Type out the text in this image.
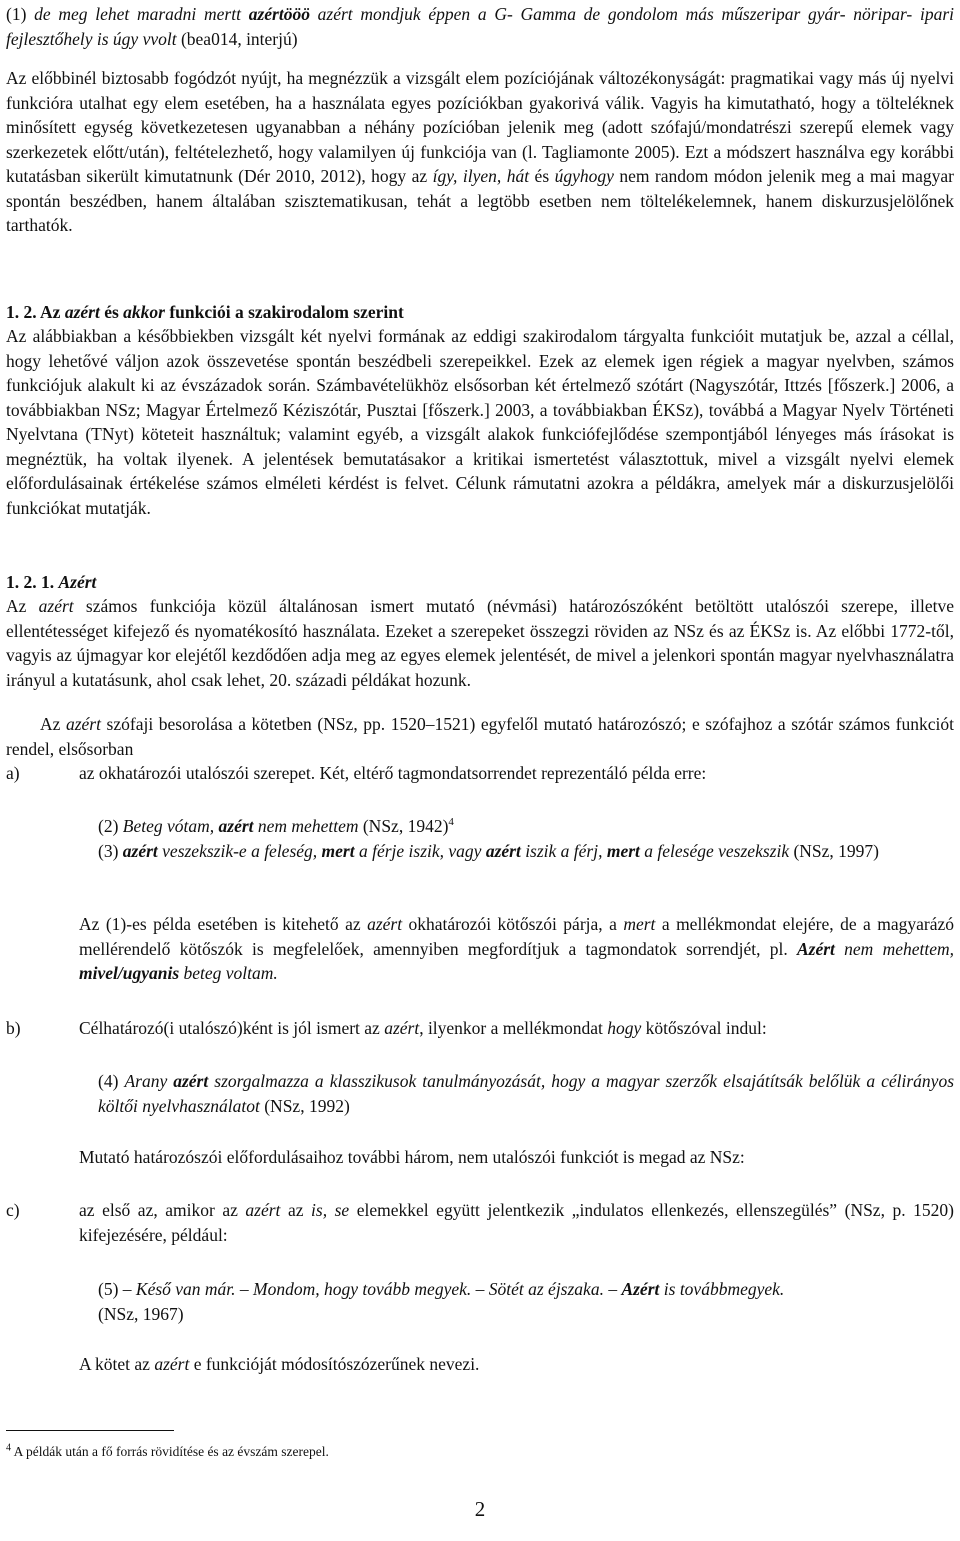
(1) de meg lehet maradni mertt azértööö azért mondjuk éppen a G- Gamma de gondolom más műszeripar gyár- nöripar- ipari fejlesztőhely is úgy vvolt (bea014, interjú)

Az előbbinél biztosabb fogódzót nyújt, ha megnézzük a vizsgált elem pozíciójának változékonyságát: pragmatikai vagy más új nyelvi funkcióra utalhat egy elem esetében, ha a használata egyes pozíciókban gyakorivá válik. Vagyis ha kimutatható, hogy a tölteléknek minősített egység következetesen ugyanabban a néhány pozícióban jelenik meg (adott szófajú/mondatrészi szerepű elemek vagy szerkezetek előtt/után), feltételezhető, hogy valamilyen új funkciója van (l. Tagliamonte 2005). Ezt a módszert használva egy korábbi kutatásban sikerült kimutatnunk (Dér 2010, 2012), hogy az így, ilyen, hát és úgyhogy nem random módon jelenik meg a mai magyar spontán beszédben, hanem általában szisztematikusan, tehát a legtöbb esetben nem töltelékelemnek, hanem diskurzusjelölőnek tarthatók.

1. 2. Az azért és akkor funkciói a szakirodalom szerint

Az alábbiakban a későbbiekben vizsgált két nyelvi formának az eddigi szakirodalom tárgyalta funkcióit mutatjuk be, azzal a céllal, hogy lehetővé váljon azok összevetése spontán beszédbeli szerepeikkel. Ezek az elemek igen régiek a magyar nyelvben, számos funkciójuk alakult ki az évszázadok során. Számbavételükhöz elsősorban két értelmező szótárt (Nagyszótár, Ittzés [főszerk.] 2006, a továbbiakban NSz; Magyar Értelmező Kéziszótár, Pusztai [főszerk.] 2003, a továbbiakban ÉKSz), továbbá a Magyar Nyelv Történeti Nyelvtana (TNyt) köteteit használtuk; valamint egyéb, a vizsgált alakok funkciófejlődése szempontjából lényeges más írásokat is megnéztük, ha voltak ilyenek. A jelentések bemutatásakor a kritikai ismertetést választottuk, mivel a vizsgált nyelvi elemek előfordulásainak értékelése számos elméleti kérdést is felvet. Célunk rámutatni azokra a példákra, amelyek már a diskurzusjelölői funkciókat mutatják.

1. 2. 1. Azért

Az azért számos funkciója közül általánosan ismert mutató (névmási) határozószóként betöltött utalószói szerepe, illetve ellentétességet kifejező és nyomatékosító használata. Ezeket a szerepeket összegzi röviden az NSz és az ÉKSz is. Az előbbi 1772-től, vagyis az újmagyar kor elejétől kezdődően adja meg az egyes elemek jelentését, de mivel a jelenkori spontán magyar nyelvhasználatra irányul a kutatásunk, ahol csak lehet, 20. századi példákat hozunk.

Az azért szófaji besorolása a kötetben (NSz, pp. 1520–1521) egyfelől mutató határozószó; e szófajhoz a szótár számos funkciót rendel, elsősorban

a)	az okhatározói utalószói szerepet. Két, eltérő tagmondatsorrendet reprezentáló példa erre:

(2) Beteg vótam, azért nem mehettem (NSz, 1942)$^4$

(3) azért veszekszik-e a feleség, mert a férje iszik, vagy azért iszik a férj, mert a felesége veszekszik (NSz, 1997)

Az (1)-es példa esetében is kitehető az azért okhatározói kötőszói párja, a mert a mellékmondat elejére, de a magyarázó mellérendelő kötőszók is megfelelőek, amennyiben megfordítjuk a tagmondatok sorrendjét, pl. Azért nem mehettem, mivel/ugyanis beteg voltam.

b)	Célhatározó(i utalószó)ként is jól ismert az azért, ilyenkor a mellékmondat hogy kötőszóval indul:

(4) Arany azért szorgalmazza a klasszikusok tanulmányozását, hogy a magyar szerzők elsajátítsák belőlük a célirányos költői nyelvhasználatot (NSz, 1992)

Mutató határozószói előfordulásaihoz további három, nem utalószói funkciót is megad az NSz:

c)	az első az, amikor az azért az is, se elemekkel együtt jelentkezik „indulatos ellenkezés, ellenszegülés” (NSz, p. 1520) kifejezésére, például:

(5) – Késő van már. – Mondom, hogy tovább megyek. – Sötét az éjszaka. – Azért is továbbmegyek.
(NSz, 1967)

A kötet az azért e funkcióját módosítószózerűnek nevezi.

$^4$ A példák után a fő forrás rövidítése és az évszám szerepel.

2
